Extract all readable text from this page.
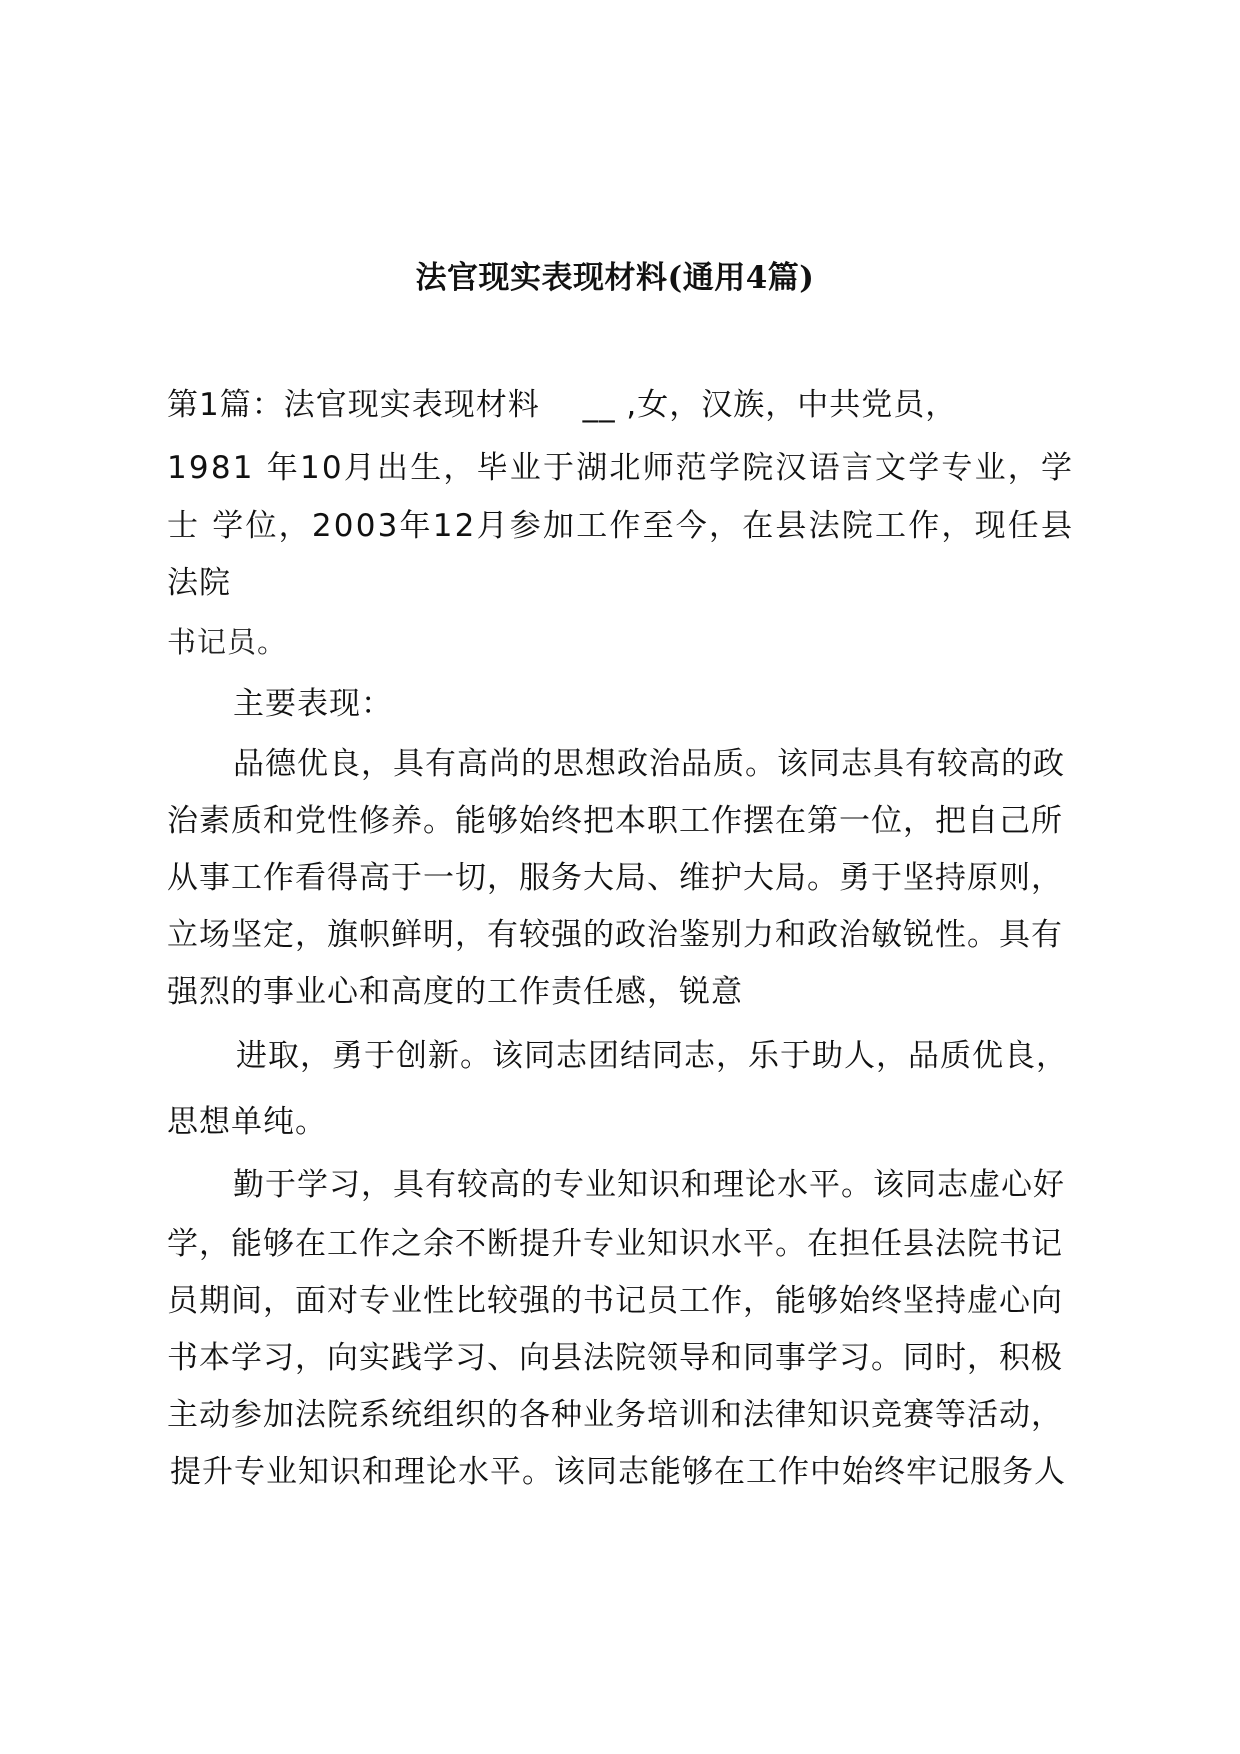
法官现实表现材料(通用4篇)
第1篇：法官现实表现材料　 __ ,女，汉族，中共党员，
1981 年10月出生，毕业于湖北师范学院汉语言文学专业，学
士 学位，2003年12月参加工作至今，在县法院工作，现任县
法院
书记员。
主要表现：
品德优良，具有高尚的思想政治品质。该同志具有较高的政
治素质和党性修养。能够始终把本职工作摆在第一位，把自己所
从事工作看得高于一切，服务大局、维护大局。勇于坚持原则，
立场坚定，旗帜鲜明，有较强的政治鉴别力和政治敏锐性。具有
强烈的事业心和高度的工作责任感，锐意
进取，勇于创新。该同志团结同志，乐于助人，品质优良，
思想单纯。
勤于学习，具有较高的专业知识和理论水平。该同志虚心好
学，能够在工作之余不断提升专业知识水平。在担任县法院书记
员期间，面对专业性比较强的书记员工作，能够始终坚持虚心向
书本学习，向实践学习、向县法院领导和同事学习。同时，积极
主动参加法院系统组织的各种业务培训和法律知识竞赛等活动，
提升专业知识和理论水平。该同志能够在工作中始终牢记服务人
